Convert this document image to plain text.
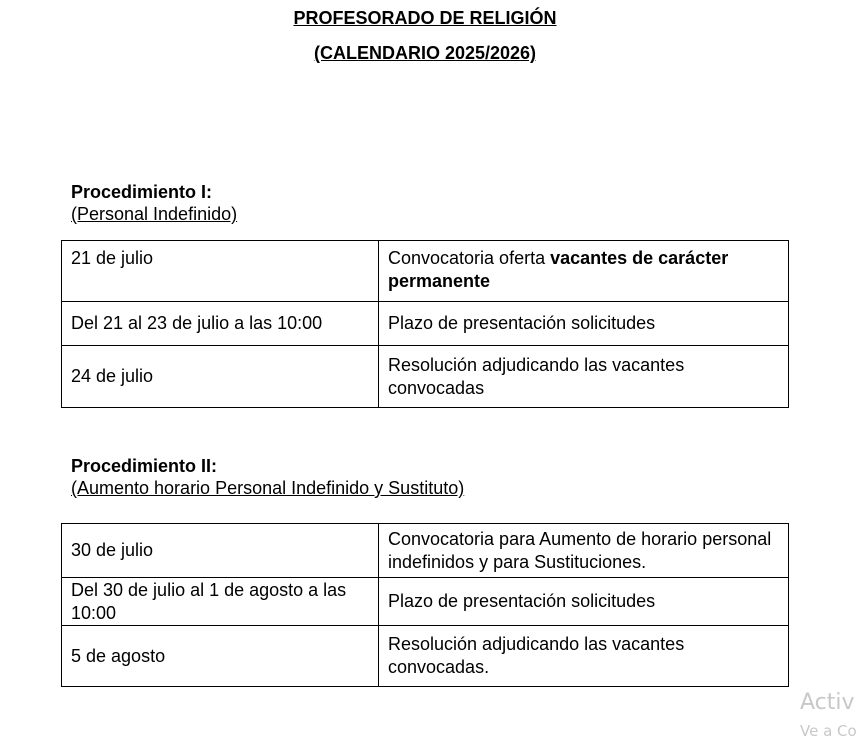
PROFESORADO DE RELIGIÓN
(CALENDARIO 2025/2026)
Procedimiento I:
(Personal Indefinido)
21 de julio	Convocatoria oferta vacantes de carácter permanente
Del 21 al 23 de julio a las 10:00	Plazo de presentación solicitudes
24 de julio	Resolución adjudicando las vacantes convocadas
Procedimiento II:
(Aumento horario Personal Indefinido y Sustituto)
30 de julio	Convocatoria para Aumento de horario personal indefinidos y para Sustituciones.
Del 30 de julio al 1 de agosto a las 10:00	Plazo de presentación solicitudes
5 de agosto	Resolución adjudicando las vacantes convocadas.
Activ
Ve a Co
